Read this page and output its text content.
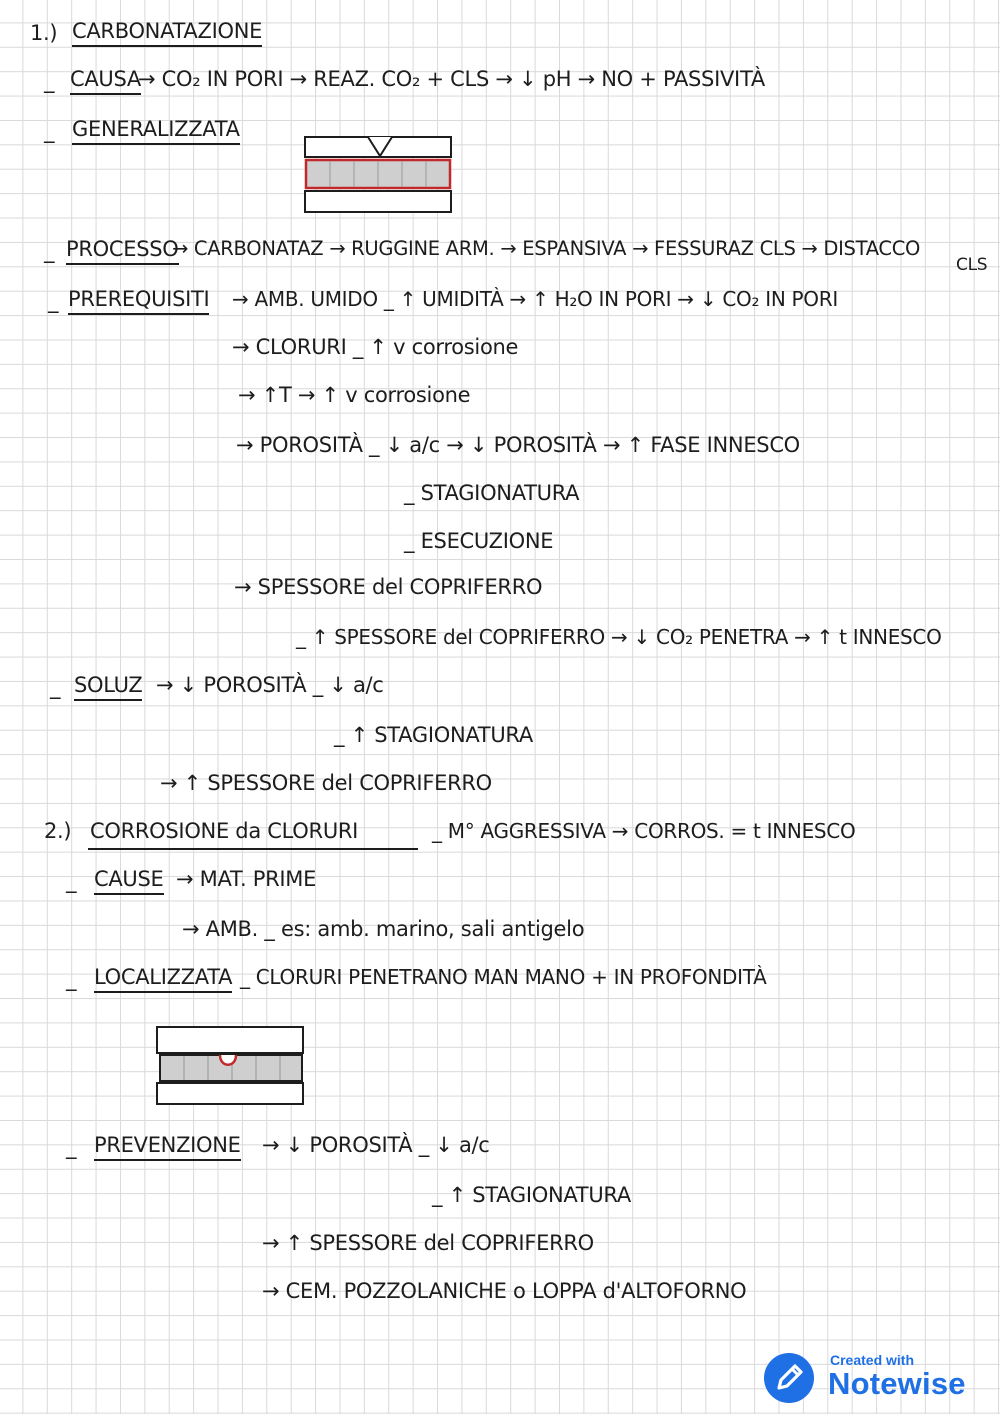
1.) CARBONATAZIONE
_ CAUSA
→ CO₂ IN PORI → REAZ. CO₂ + CLS → ↓ pH → NO + PASSIVITÀ
_ GENERALIZZATA
_ PROCESSO
→ CARBONATAZ → RUGGINE ARM. → ESPANSIVA → FESSURAZ CLS → DISTACCO
CLS
_ PREREQUISITI → AMB. UMIDO _ ↑ UMIDITÀ → ↑ H₂O IN PORI → ↓ CO₂ IN PORI
→ CLORURI _ ↑ v corrosione
→ ↑T → ↑ v corrosione
→ POROSITÀ _ ↓ a/c → ↓ POROSITÀ → ↑ FASE INNESCO
_ STAGIONATURA
_ ESECUZIONE
→ SPESSORE del COPRIFERRO
_ ↑ SPESSORE del COPRIFERRO → ↓ CO₂ PENETRA → ↑ t INNESCO
_ SOLUZ → ↓ POROSITÀ _ ↓ a/c
_ ↑ STAGIONATURA
→ ↑ SPESSORE del COPRIFERRO
2.) CORROSIONE da CLORURI	_ M° AGGRESSIVA → CORROS. = t INNESCO
_ CAUSE → MAT. PRIME
→ AMB. _ es: amb. marino, sali antigelo
_ LOCALIZZATA _ CLORURI PENETRANO MAN MANO + IN PROFONDITÀ
_ PREVENZIONE → ↓ POROSITÀ _ ↓ a/c
_ ↑ STAGIONATURA
→ ↑ SPESSORE del COPRIFERRO
→ CEM. POZZOLANICHE o LOPPA d'ALTOFORNO
Created with
Notewise
